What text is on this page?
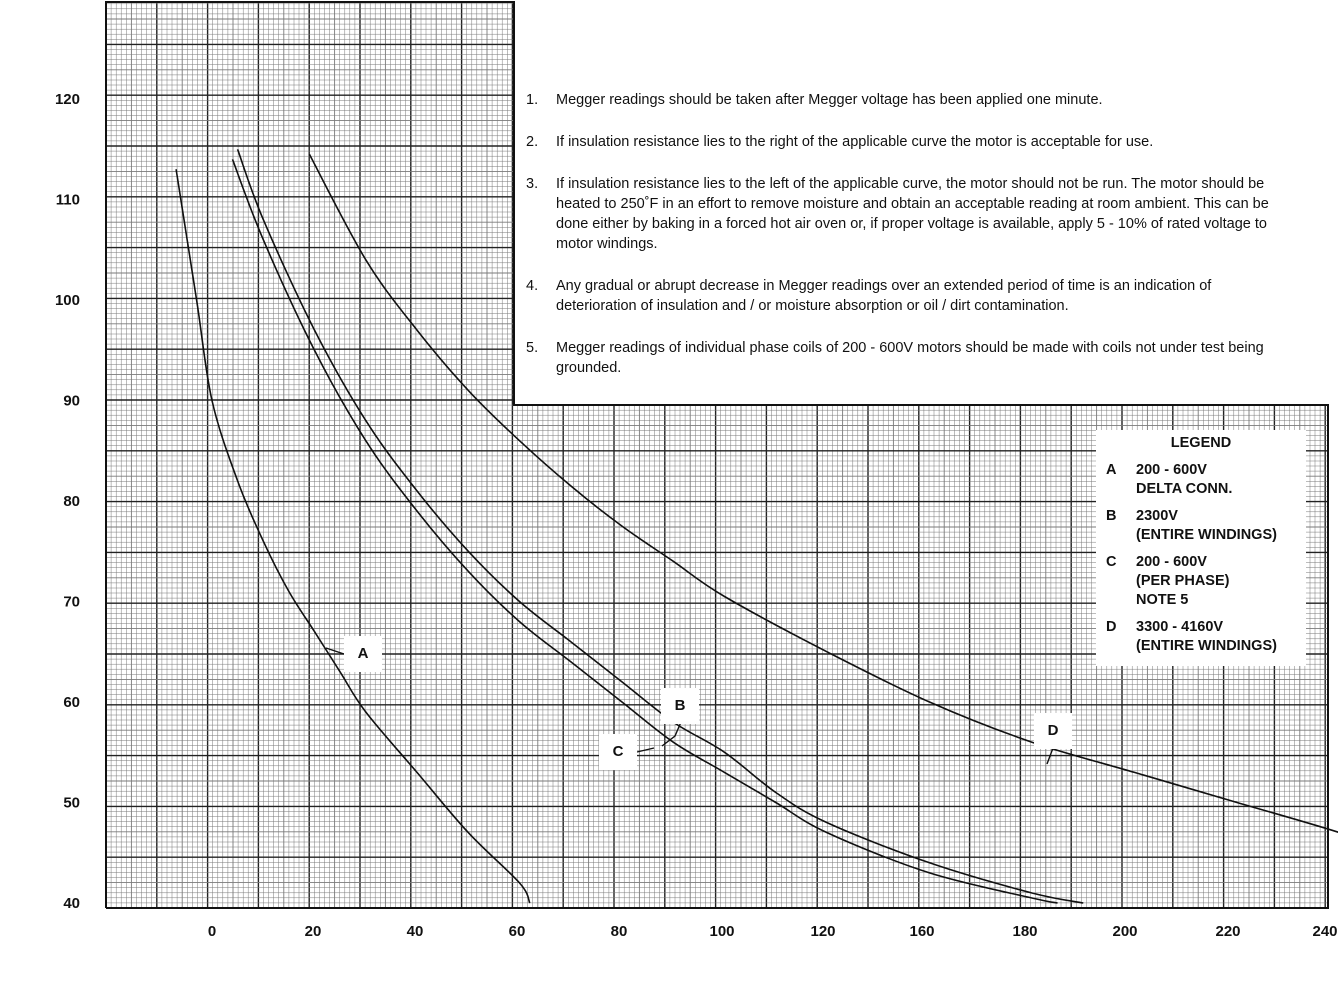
0	20	40	60	80	100	120	160	180	200	220	240
40
50
60
70
80
90
100
110
120	1.	Megger readings should be taken after Megger voltage has been applied one minute.
2.	If insulation resistance lies to the right of the applicable curve the motor is acceptable for use.
3.	If insulation resistance lies to the left of the applicable curve, the motor should not be run. The motor should be heated to 250˚F in an effort to remove moisture and obtain an acceptable reading at room ambient. This can be done either by baking in a forced hot air oven or, if proper voltage is available, apply 5 - 10% of rated voltage to motor windings.
4.	Any gradual or abrupt decrease in Megger readings over an extended period of time is an indication of deterioration of insulation and / or moisture absorption or oil / dirt contamination.
5.	Megger readings of individual phase coils of 200 - 600V motors should be made with coils not under test being grounded.
LEGEND
A	200 - 600V
DELTA CONN.
B	2300V
(ENTIRE WINDINGS)
C	200 - 600V
(PER PHASE)
NOTE 5
D	3300 - 4160V
(ENTIRE WINDINGS)
A
B
C
D
